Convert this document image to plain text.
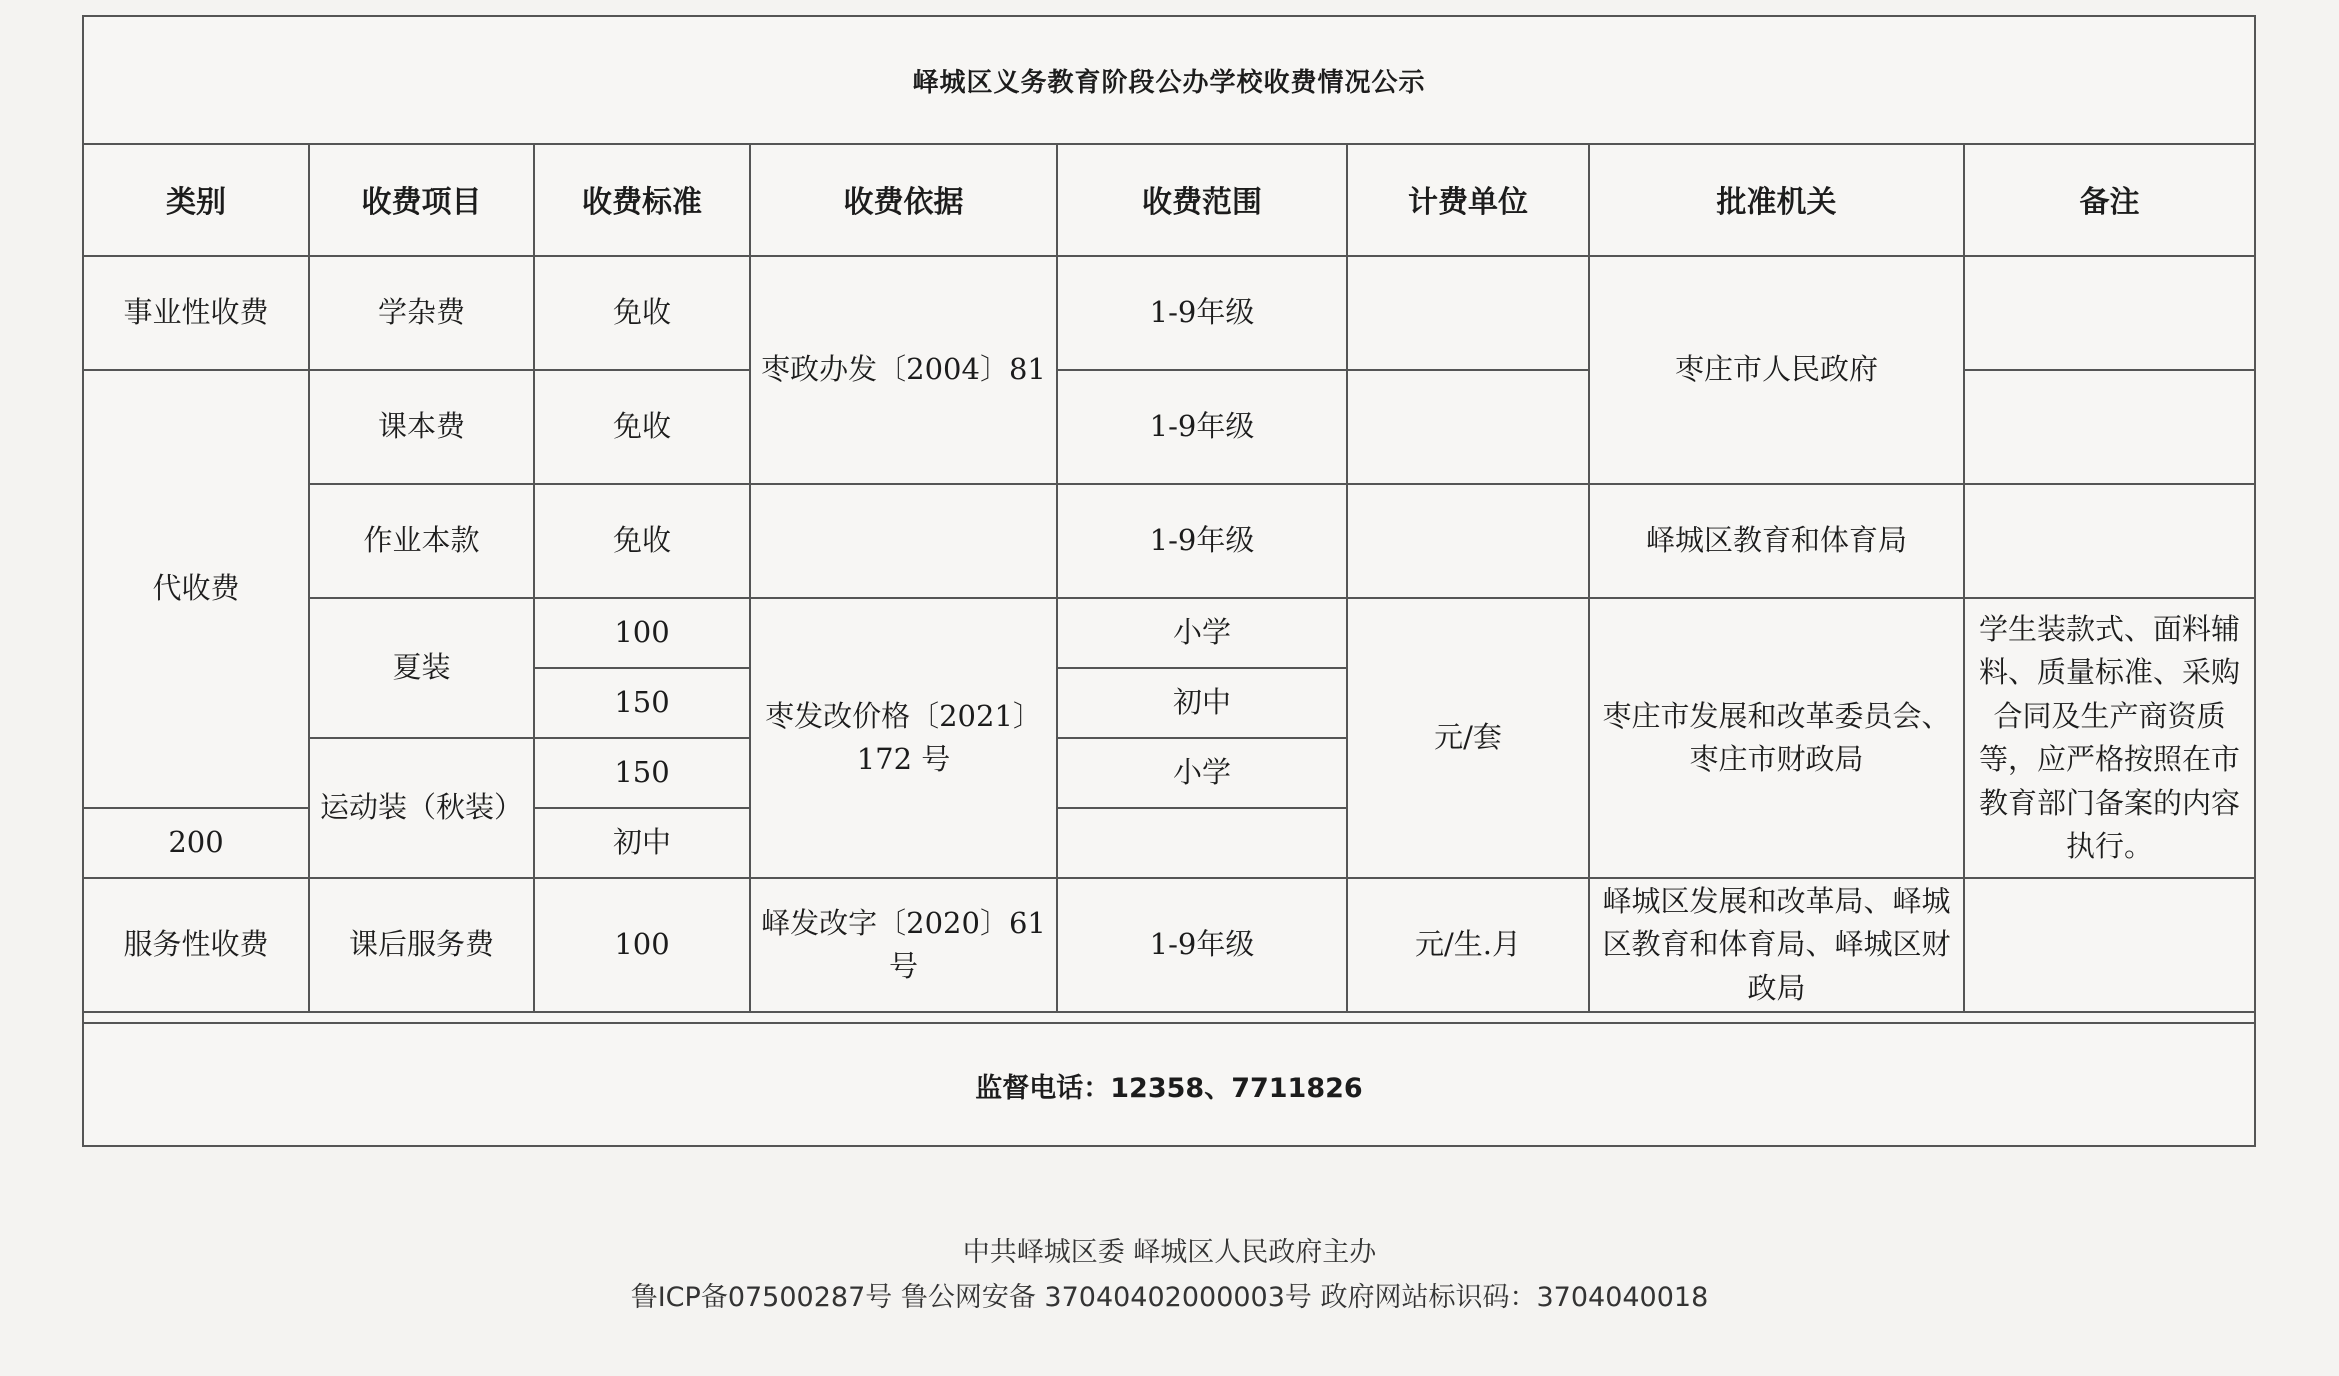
峄城区义务教育阶段公办学校收费情况公示
类别	收费项目	收费标准	收费依据	收费范围	计费单位	批准机关	备注
事业性收费	学杂费	免收	枣政办发〔2004〕81	1-9年级		枣庄市人民政府	
代收费	课本费	免收		1-9年级			
	作业本款	免收		1-9年级		峄城区教育和体育局	
	夏装	100	枣发改价格〔2021〕172 号	小学	元/套	枣庄市发展和改革委员会、枣庄市财政局	学生装款式、面料辅料、质量标准、采购合同及生产商资质等，应严格按照在市教育部门备案的内容执行。
		150		初中			
	运动装（秋装）	150		小学			
200		初中					
服务性收费	课后服务费	100	峄发改字〔2020〕61号	1-9年级	元/生.月	峄城区发展和改革局、峄城区教育和体育局、峄城区财政局	
监督电话：12358、7711826
中共峄城区委 峄城区人民政府主办
鲁ICP备07500287号 鲁公网安备 37040402000003号 政府网站标识码：3704040018
